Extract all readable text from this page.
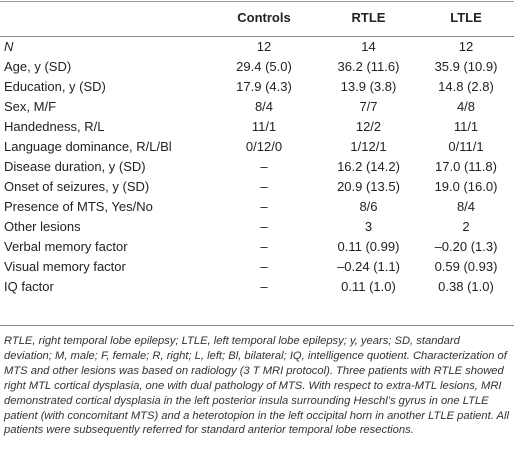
	Controls	RTLE	LTLE
N	12	14	12
Age, y (SD)	29.4 (5.0)	36.2 (11.6)	35.9 (10.9)
Education, y (SD)	17.9 (4.3)	13.9 (3.8)	14.8 (2.8)
Sex, M/F	8/4	7/7	4/8
Handedness, R/L	11/1	12/2	11/1
Language dominance, R/L/Bl	0/12/0	1/12/1	0/11/1
Disease duration, y (SD)	–	16.2 (14.2)	17.0 (11.8)
Onset of seizures, y (SD)	–	20.9 (13.5)	19.0 (16.0)
Presence of MTS, Yes/No	–	8/6	8/4
Other lesions	–	3	2
Verbal memory factor	–	0.11 (0.99)	–0.20 (1.3)
Visual memory factor	–	–0.24 (1.1)	0.59 (0.93)
IQ factor	–	0.11 (1.0)	0.38 (1.0)

RTLE, right temporal lobe epilepsy; LTLE, left temporal lobe epilepsy; y, years; SD, standard deviation; M, male; F, female; R, right; L, left; Bl, bilateral; IQ, intelligence quotient. Characterization of MTS and other lesions was based on radiology (3 T MRI protocol). Three patients with RTLE showed right MTL cortical dysplasia, one with dual pathology of MTS. With respect to extra-MTL lesions, MRI demonstrated cortical dysplasia in the left posterior insula surrounding Heschl’s gyrus in one LTLE patient (with concomitant MTS) and a heterotopion in the left occipital horn in another LTLE patient. All patients were subsequently referred for standard anterior temporal lobe resections.
